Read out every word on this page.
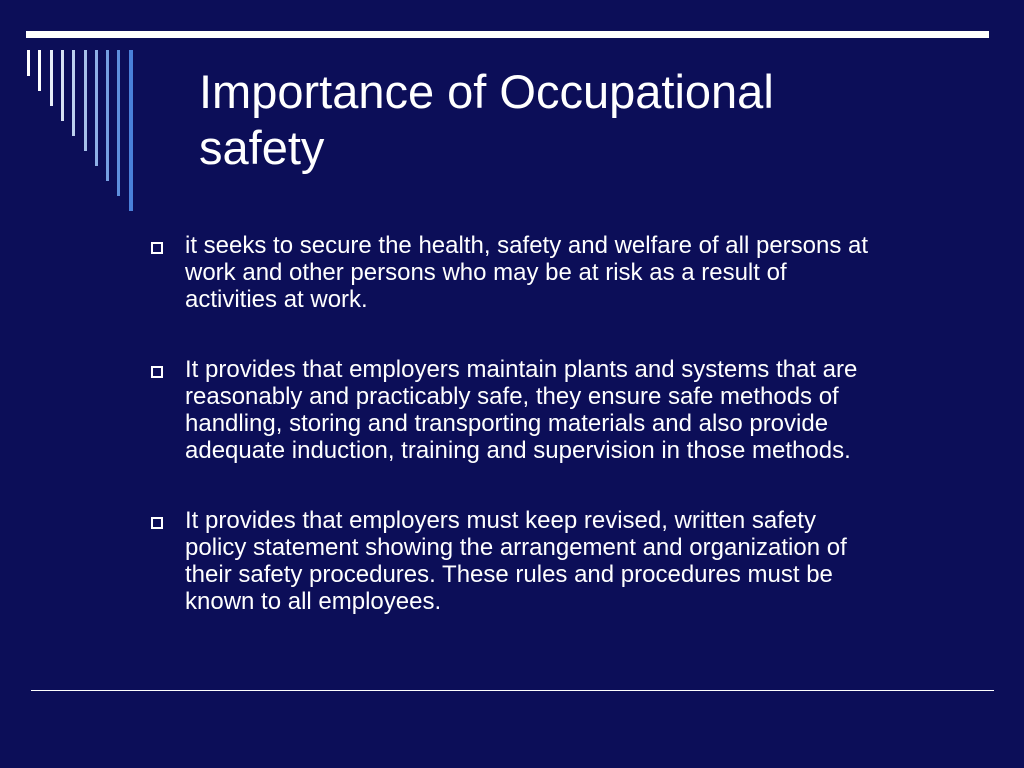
Importance of Occupational
safety
it seeks to secure the health, safety and welfare of all persons at
work and other persons who may be at risk as a result of
activities at work.
It provides that employers maintain plants and systems that are
reasonably and practicably safe, they ensure safe methods of
handling, storing and transporting materials and also provide
adequate induction, training and supervision in those methods.
It provides that employers must keep revised, written safety
policy statement showing the arrangement and organization of
their safety procedures. These rules and procedures must be
known to all employees.
